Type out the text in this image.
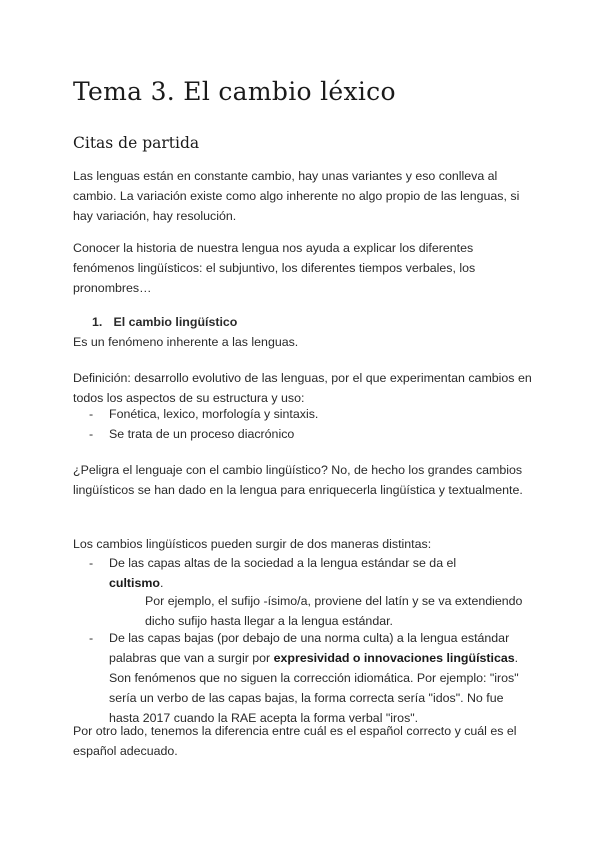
Tema 3. El cambio léxico
Citas de partida

Las lenguas están en constante cambio, hay unas variantes y eso conlleva al cambio. La variación existe como algo inherente no algo propio de las lenguas, si hay variación, hay resolución.

Conocer la historia de nuestra lengua nos ayuda a explicar los diferentes fenómenos lingüísticos: el subjuntivo, los diferentes tiempos verbales, los pronombres…

1. El cambio lingüístico

Es un fenómeno inherente a las lenguas.

Definición: desarrollo evolutivo de las lenguas, por el que experimentan cambios en todos los aspectos de su estructura y uso:

- Fonética, lexico, morfología y sintaxis.
- Se trata de un proceso diacrónico

¿Peligra el lenguaje con el cambio lingüístico? No, de hecho los grandes cambios lingüísticos se han dado en la lengua para enriquecerla lingüística y textualmente.

Los cambios lingüísticos pueden surgir de dos maneras distintas:

- De las capas altas de la sociedad a la lengua estándar se da el
cultismo.
Por ejemplo, el sufijo -ísimo/a, proviene del latín y se va extendiendo dicho sufijo hasta llegar a la lengua estándar.
- De las capas bajas (por debajo de una norma culta) a la lengua estándar palabras que van a surgir por expresividad o innovaciones lingüísticas. Son fenómenos que no siguen la corrección idiomática. Por ejemplo: "iros" sería un verbo de las capas bajas, la forma correcta sería "idos". No fue hasta 2017 cuando la RAE acepta la forma verbal "iros".

Por otro lado, tenemos la diferencia entre cuál es el español correcto y cuál es el español adecuado.
